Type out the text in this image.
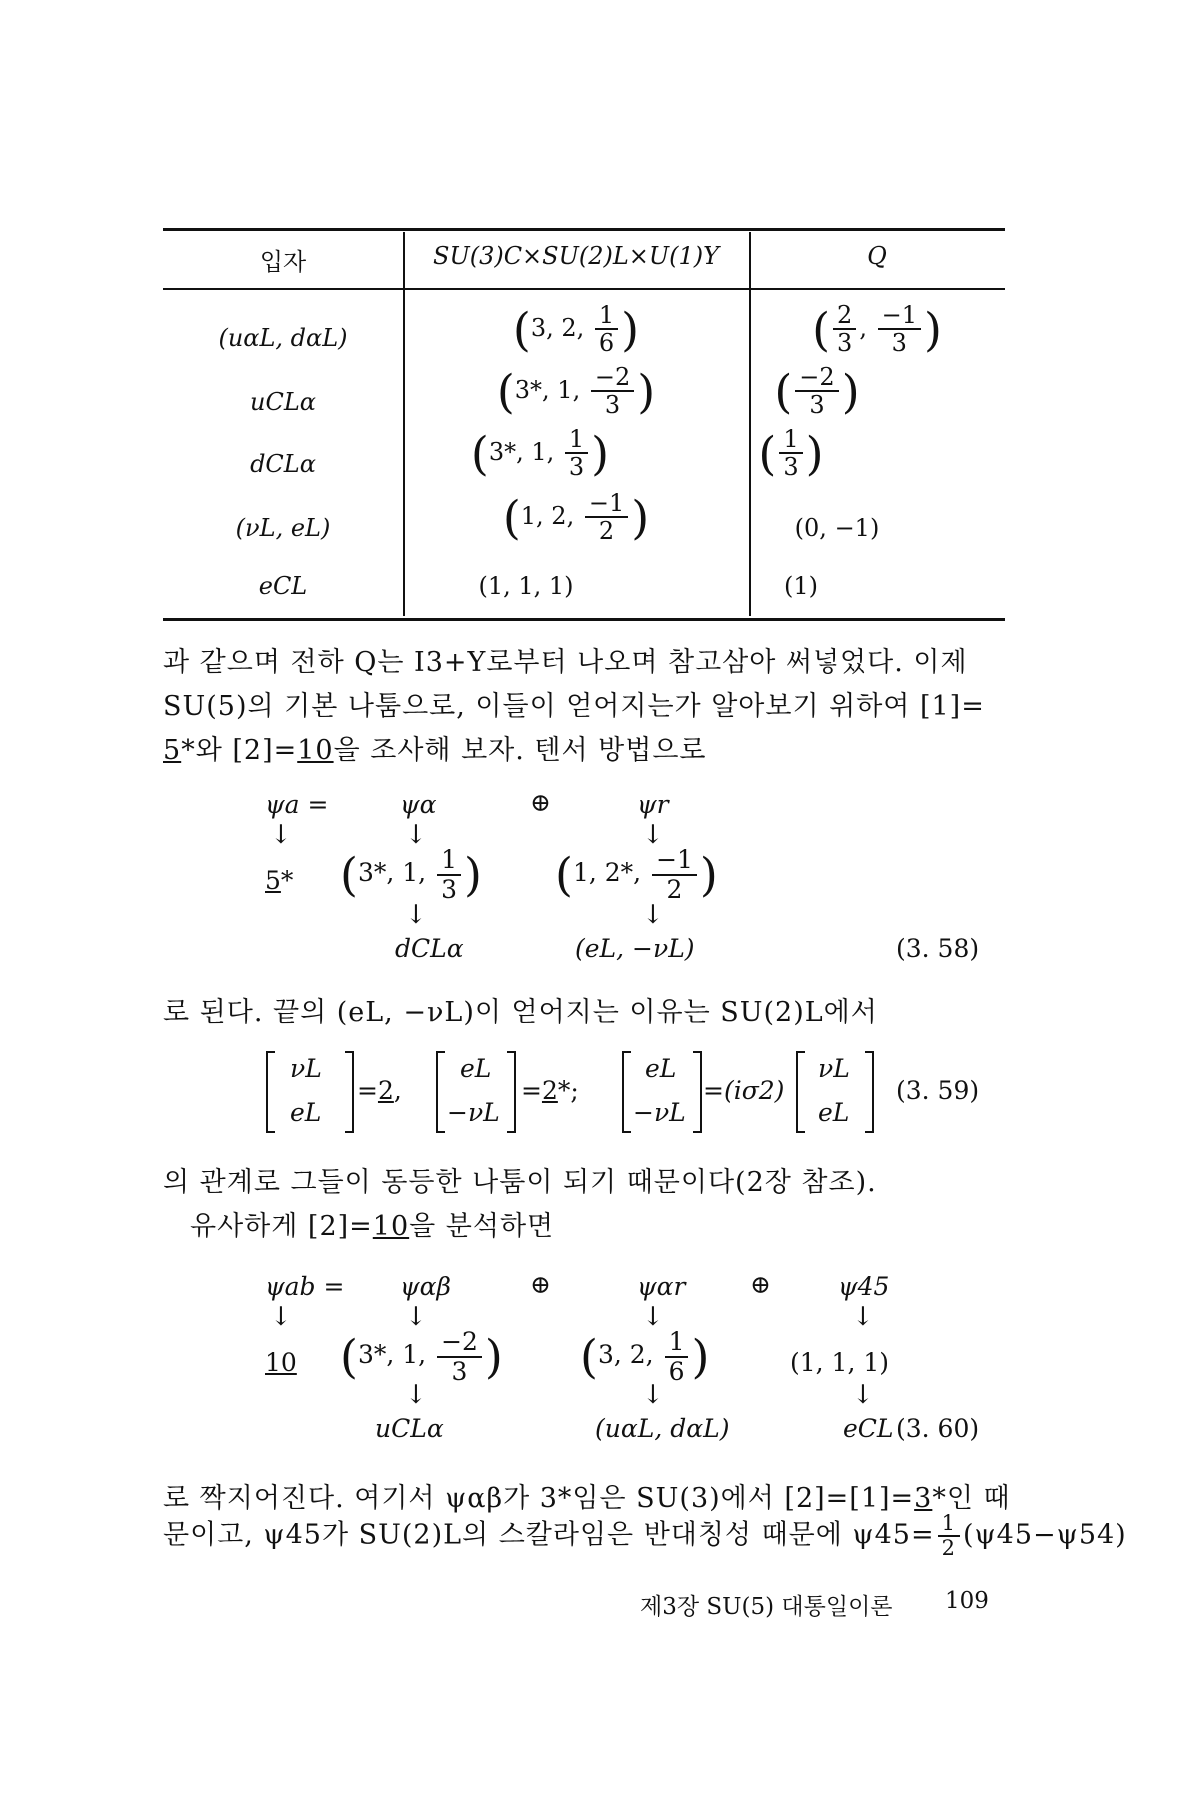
입자	SU(3)C×SU(2)L×U(1)Y	Q
(uαL, dαL)	(3, 2, $\frac{1}{6}$ )	( $\frac{2}{3}$ , $\frac{-1}{3}$ )
uCLα	(3*, 1, $\frac{-2}{3}$ )	( $\frac{-2}{3}$ )
dCLα	(3*, 1, $\frac{1}{3}$ )	( $\frac{1}{3}$ )
(νL, eL)	(1, 2, $\frac{-1}{2}$ )	(0, −1)
eCL	(1, 1, 1)	(1)
과 같으며 전하 Q는 I3+Y로부터 나오며 참고삼아 써넣었다. 이제
SU(5)의 기본 나툼으로, 이들이 얻어지는가 알아보기 위하여 [1]=
5*와 [2]=10을 조사해 보자. 텐서 방법으로
ψa =	ψα	⊕	ψr
↓	↓	↓
5* (3*, 1, $\frac{1}{3}$ ) (1, 2*, $\frac{-1}{2}$ )
↓	↓
dCLα	(eL, −νL)	(3. 58)
로 된다. 끝의 (eL, −νL)이 얻어지는 이유는 SU(2)L에서
νL
eL
=2,
eL
−νL
=2*;
eL
−νL
=(iσ2)
νL
eL
(3. 59)
의 관계로 그들이 동등한 나툼이 되기 때문이다(2장 참조).
유사하게 [2]=10을 분석하면
ψab = ψαβ	⊕	ψαr	⊕	ψ45
↓	↓	↓	↓
10 (3*, 1, $\frac{-2}{3}$ ) (3, 2, $\frac{1}{6}$ )	(1, 1, 1)
↓	↓	↓
uCLα	(uαL, dαL)	eCL (3. 60)
로 짝지어진다. 여기서 ψαβ가 3*임은 SU(3)에서 [2]=[1]=3*인 때
문이고, ψ45가 SU(2)L의 스칼라임은 반대칭성 때문에 $\psi 45= \frac{1}{2} (\psi 45-\psi 54)$
제3장 SU(5) 대통일이론 109
